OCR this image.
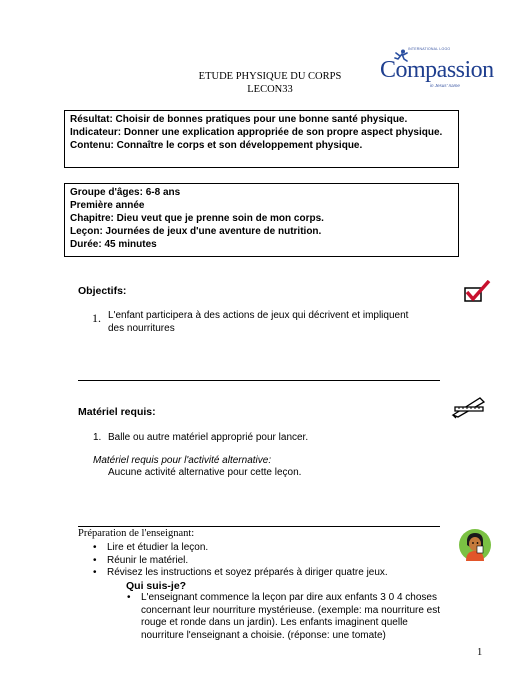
ETUDE PHYSIQUE DU CORPS
LECON33
INTERNATIONAL LOGO
Compassion
in Jesus' name

Résultat: Choisir de bonnes pratiques pour une bonne santé physique.

Indicateur: Donner une explication appropriée de son propre aspect physique.

Contenu: Connaître le corps et son développement physique.

Groupe d'âges: 6-8 ans

Première année

Chapitre: Dieu veut que je prenne soin de mon corps.

Leçon: Journées de jeux d'une aventure de nutrition.

Durée: 45 minutes

Objectifs:
1. L'enfant participera à des actions de jeux qui décrivent et impliquent des nourritures
Matériel requis:
1. Balle ou autre matériel approprié pour lancer.
Matériel requis pour l'activité alternative:
Aucune activité alternative pour cette leçon.
Préparation de l'enseignant:
• Lire et étudier la leçon.
• Réunir le matériel.
• Révisez les instructions et soyez préparés à diriger quatre jeux.
Qui suis-je?
• L'enseignant commence la leçon par dire aux enfants 3 0 4 choses concernant leur nourriture mystérieuse. (exemple: ma nourriture est rouge et ronde dans un jardin). Les enfants imaginent quelle nourriture l'enseignant a choisie. (réponse: une tomate)
1
